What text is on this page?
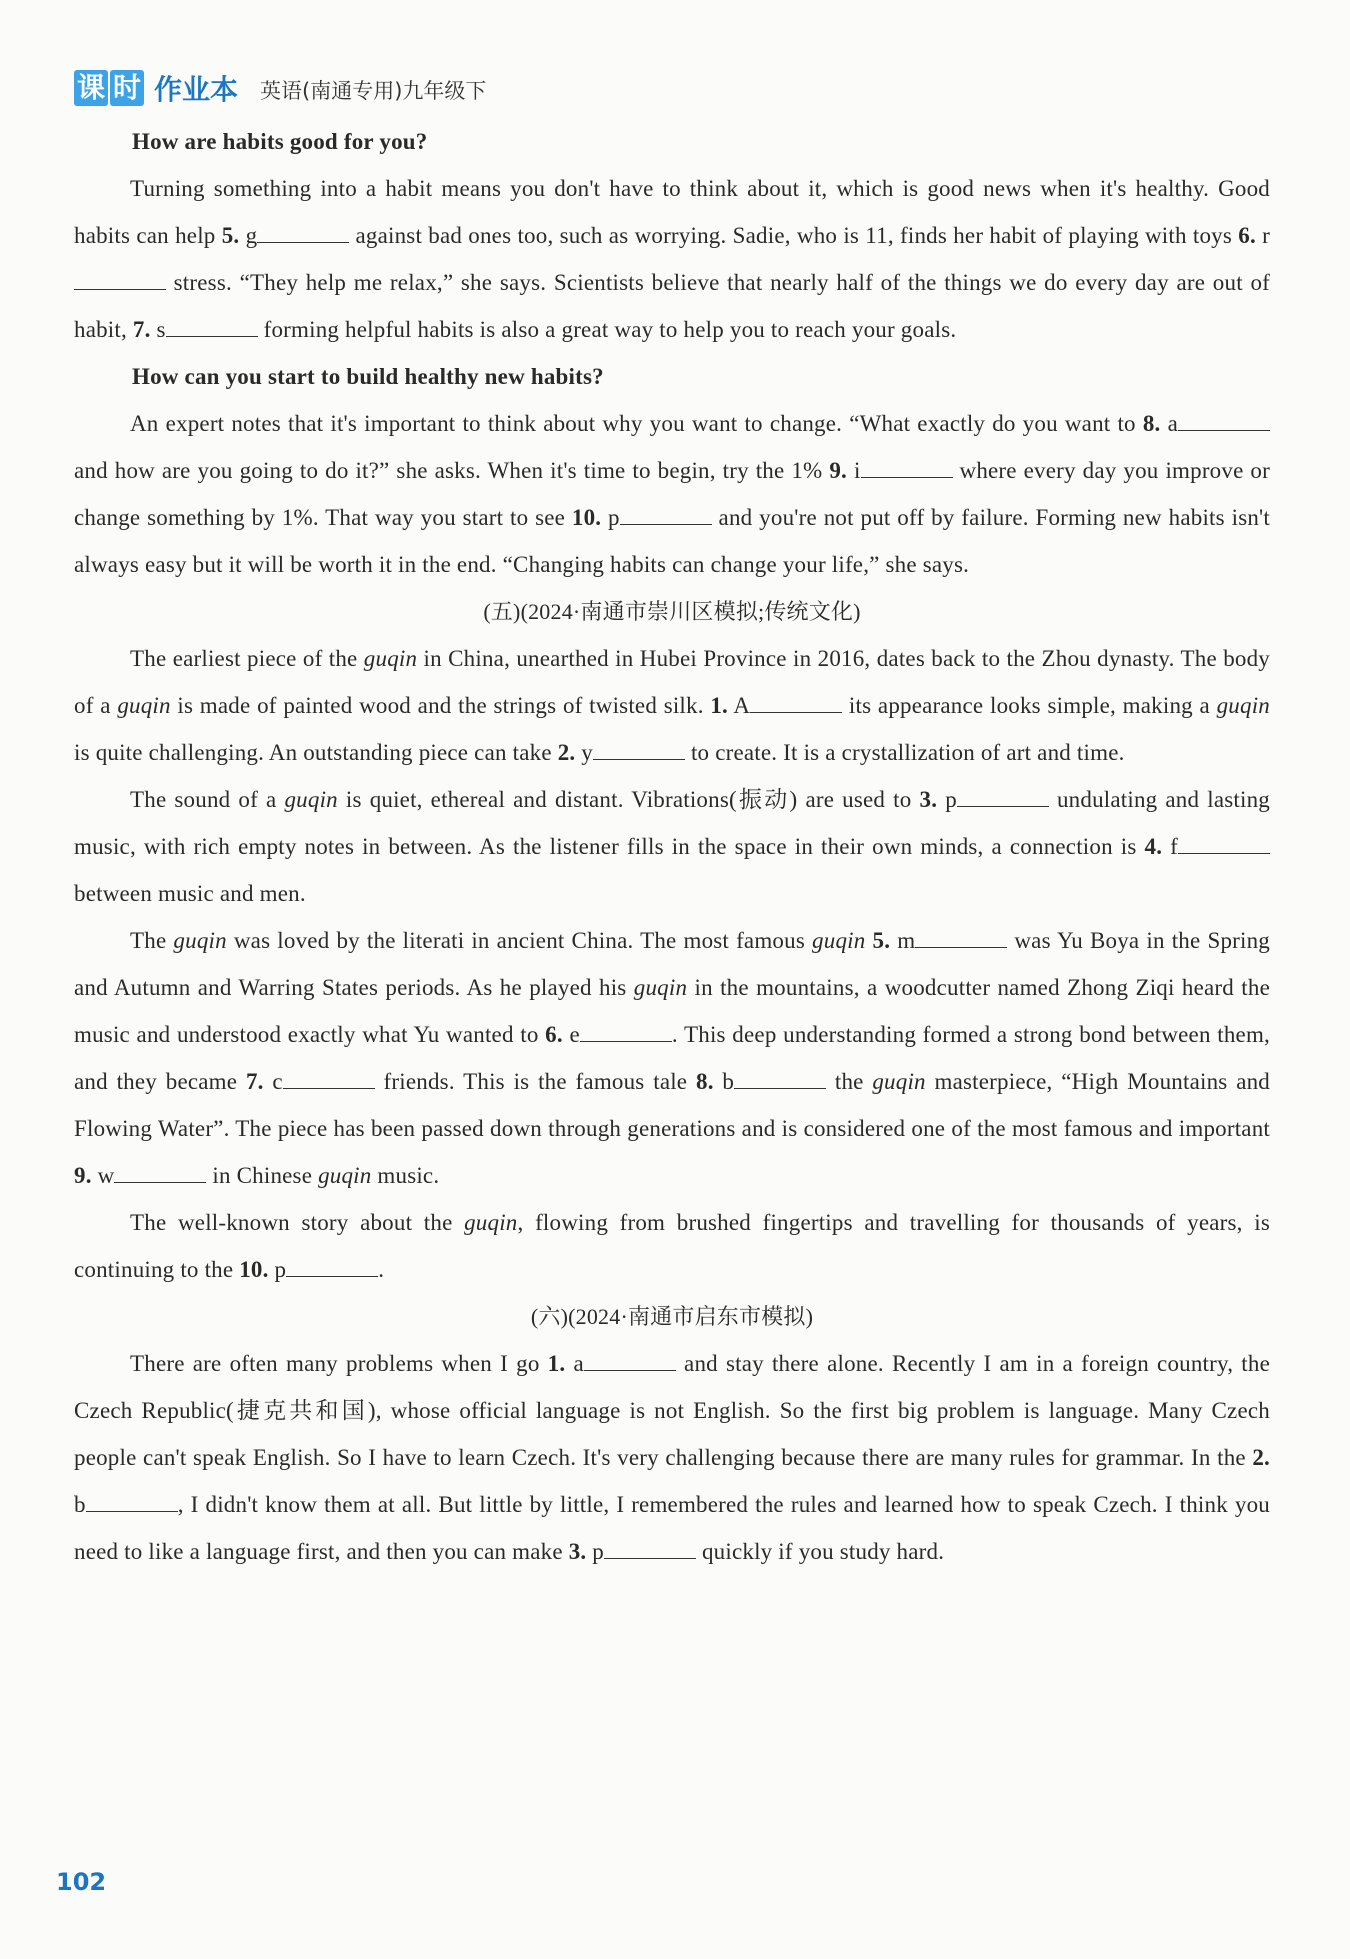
课 时 作业本 英语(南通专用)九年级下

How are habits good for you?

Turning something into a habit means you don't have to think about it, which is good news when it's healthy. Good habits can help 5. g	against bad ones too, such as worrying. Sadie, who is 11, finds her habit of playing with toys 6. r stress. “They help me relax,” she says. Scientists believe that nearly half of the things we do every day are out of habit, 7. s	forming helpful habits is also a great way to help you to reach your goals.

How can you start to build healthy new habits?

An expert notes that it's important to think about why you want to change. “What exactly do you want to 8. a and how are you going to do it?” she asks. When it's time to begin, try the 1% 9. i	where every day you improve or change something by 1%. That way you start to see 10. p	and you're not put off by failure. Forming new habits isn't always easy but it will be worth it in the end. “Changing habits can change your life,” she says.

(五)(2024·南通市崇川区模拟;传统文化)

The earliest piece of the guqin in China, unearthed in Hubei Province in 2016, dates back to the Zhou dynasty. The body of a guqin is made of painted wood and the strings of twisted silk. 1. A	its appearance looks simple, making a guqin is quite challenging. An outstanding piece can take 2. y	to create. It is a crystallization of art and time.

The sound of a guqin is quiet, ethereal and distant. Vibrations(振动) are used to 3. p	undulating and lasting music, with rich empty notes in between. As the listener fills in the space in their own minds, a connection is 4. f between music and men.

The guqin was loved by the literati in ancient China. The most famous guqin 5. m	was Yu Boya in the Spring and Autumn and Warring States periods. As he played his guqin in the mountains, a woodcutter named Zhong Ziqi heard the music and understood exactly what Yu wanted to 6. e	. This deep understanding formed a strong bond between them, and they became 7. c	friends. This is the famous tale 8. b	the guqin masterpiece, “High Mountains and Flowing Water”. The piece has been passed down through generations and is considered one of the most famous and important 9. w	in Chinese guqin music.

The well-known story about the guqin, flowing from brushed fingertips and travelling for thousands of years, is continuing to the 10. p	.

(六)(2024·南通市启东市模拟)

There are often many problems when I go 1. a	and stay there alone. Recently I am in a foreign country, the Czech Republic(捷克共和国), whose official language is not English. So the first big problem is language. Many Czech people can't speak English. So I have to learn Czech. It's very challenging because there are many rules for grammar. In the 2. b	, I didn't know them at all. But little by little, I remembered the rules and learned how to speak Czech. I think you need to like a language first, and then you can make 3. p	quickly if you study hard.

102
